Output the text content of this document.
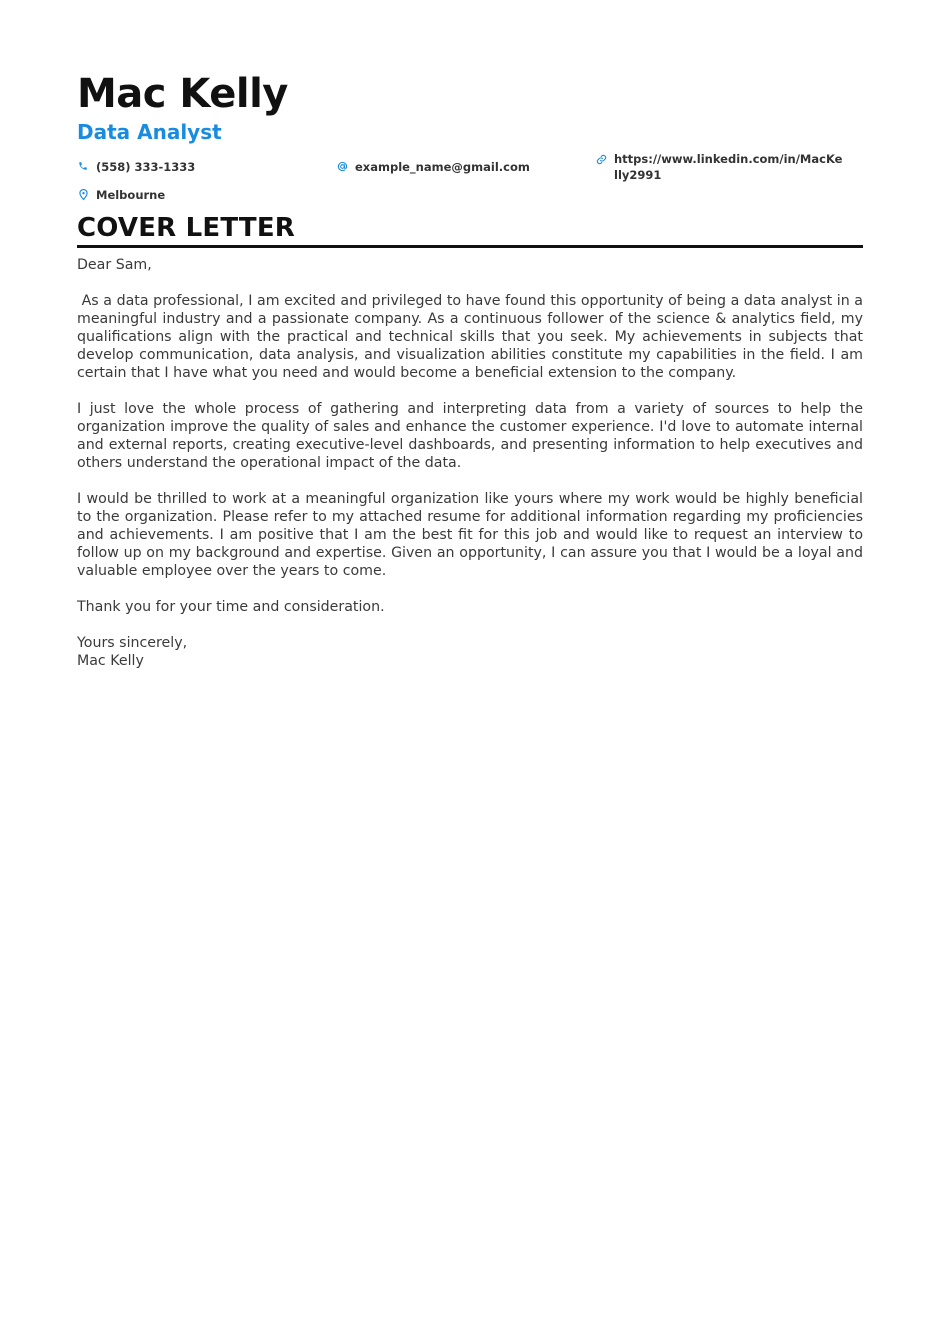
Mac Kelly
Data Analyst
(558) 333-1333	example_name@gmail.com
https://www.linkedin.com/in/MacKelly2991
Melbourne
COVER LETTER

Dear Sam,

As a data professional, I am excited and privileged to have found this opportunity of being a data analyst in a meaningful industry and a passionate company. As a continuous follower of the science & analytics field, my qualifications align with the practical and technical skills that you seek. My achievements in subjects that develop communication, data analysis, and visualization abilities constitute my capabilities in the field. I am certain that I have what you need and would become a beneficial extension to the company.

I just love the whole process of gathering and interpreting data from a variety of sources to help the organization improve the quality of sales and enhance the customer experience. I'd love to automate internal and external reports, creating executive-level dashboards, and presenting information to help executives and others understand the operational impact of the data.

I would be thrilled to work at a meaningful organization like yours where my work would be highly beneficial to the organization. Please refer to my attached resume for additional information regarding my proficiencies and achievements. I am positive that I am the best fit for this job and would like to request an interview to follow up on my background and expertise. Given an opportunity, I can assure you that I would be a loyal and valuable employee over the years to come.

Thank you for your time and consideration.

Yours sincerely,

Mac Kelly
